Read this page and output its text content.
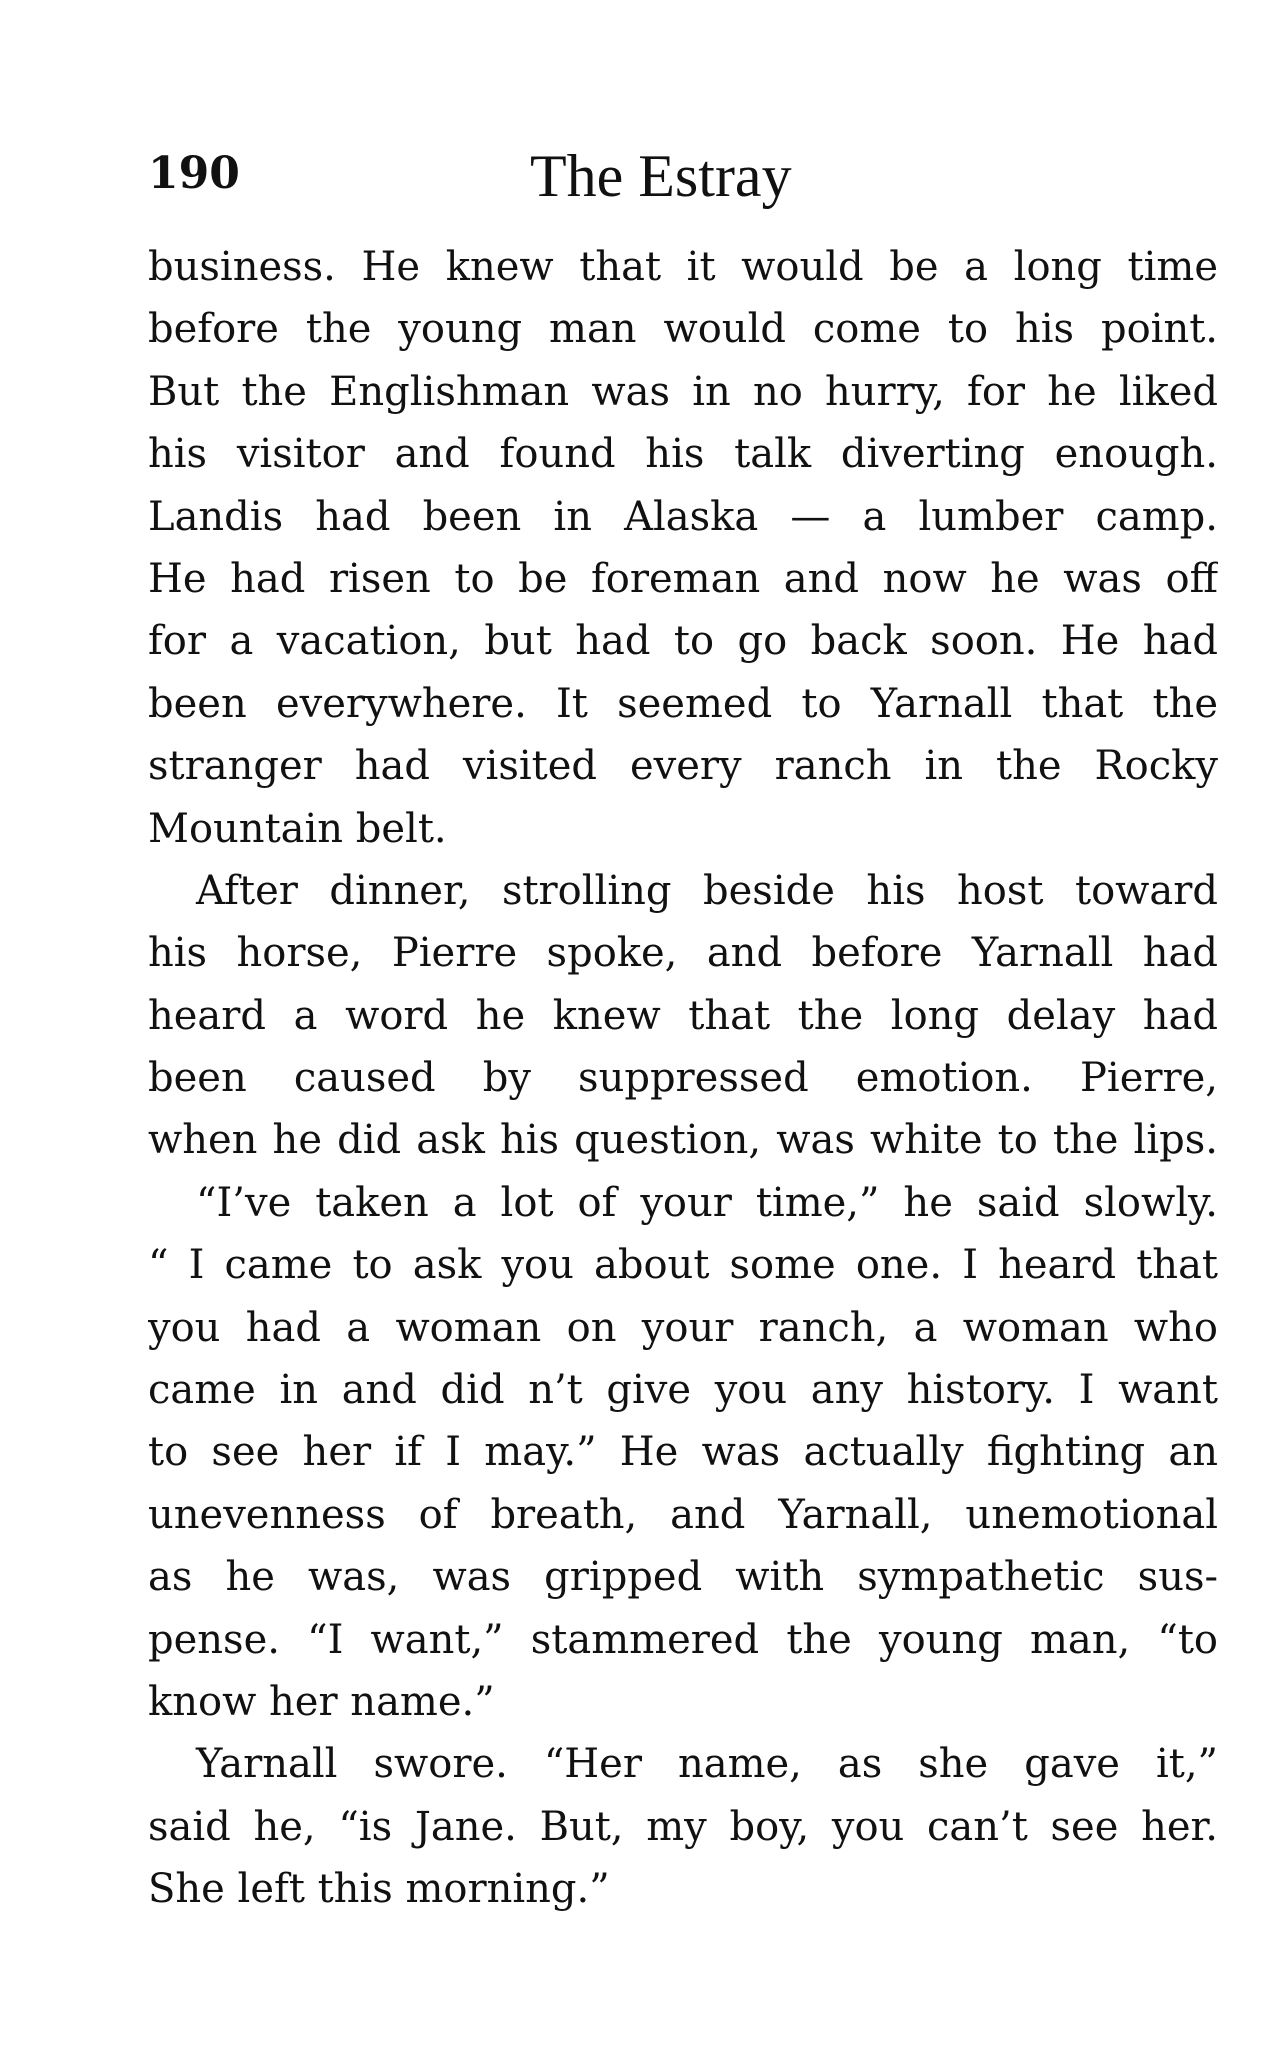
190	The Estray
business. He knew that it would be a long time
before the young man would come to his point.
But the Englishman was in no hurry, for he liked
his visitor and found his talk diverting enough.
Landis had been in Alaska — a lumber camp.
He had risen to be foreman and now he was off
for a vacation, but had to go back soon. He had
been everywhere. It seemed to Yarnall that the
stranger had visited every ranch in the Rocky
Mountain belt.
After dinner, strolling beside his host toward
his horse, Pierre spoke, and before Yarnall had
heard a word he knew that the long delay had
been caused by suppressed emotion. Pierre,
when he did ask his question, was white to the lips.
“I’ve taken a lot of your time,” he said slowly.
“ I came to ask you about some one. I heard that
you had a woman on your ranch, a woman who
came in and did n’t give you any history. I want
to see her if I may.” He was actually fighting an
unevenness of breath, and Yarnall, unemotional
as he was, was gripped with sympathetic sus-
pense. “I want,” stammered the young man, “to
know her name.”
Yarnall swore. “Her name, as she gave it,”
said he, “is Jane. But, my boy, you can’t see her.
She left this morning.”
